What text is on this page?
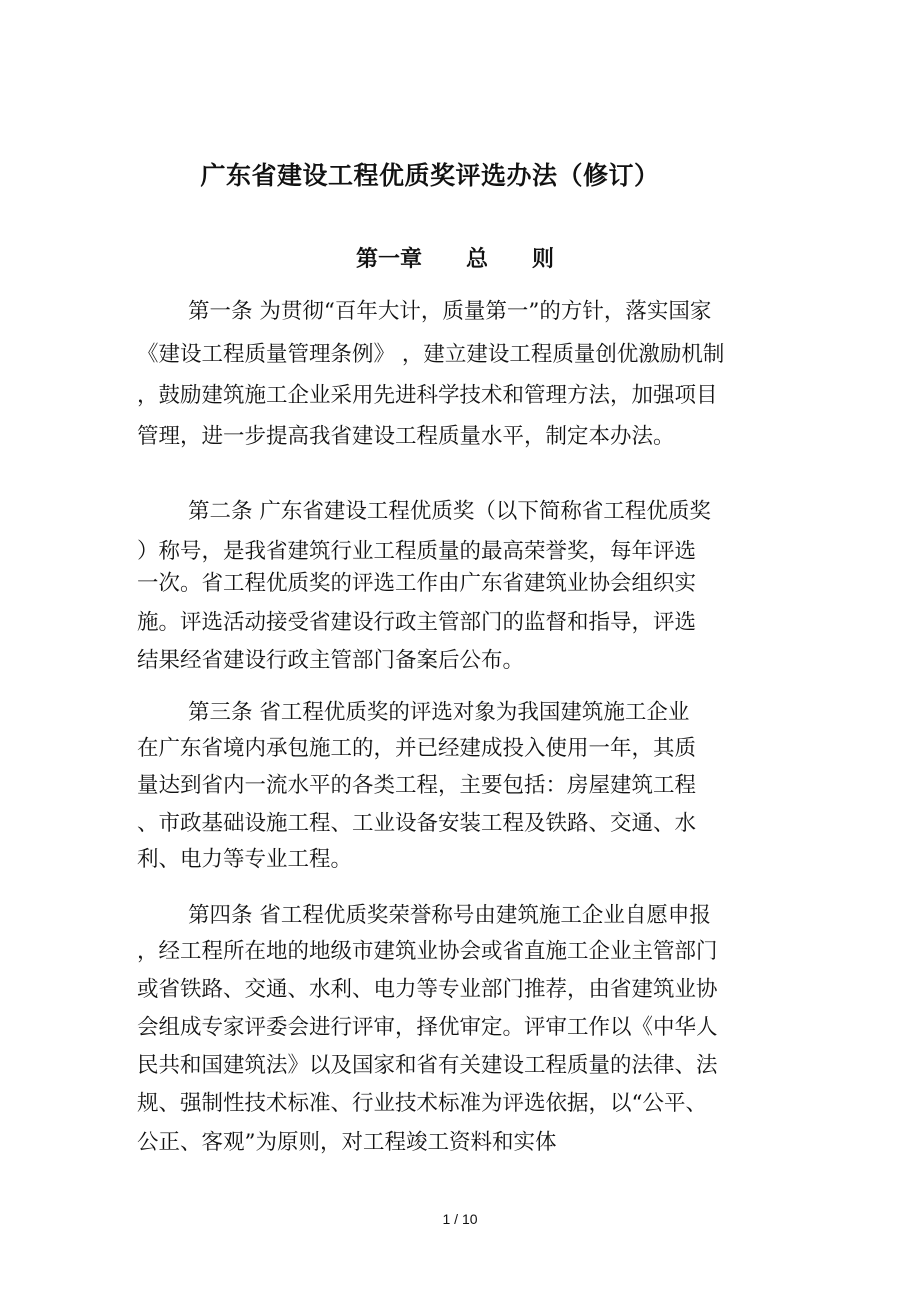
广东省建设工程优质奖评选办法（修订）
第一章　　总　　则

第一条 为贯彻“百年大计，质量第一”的方针，落实国家

《建设工程质量管理条例》 ，建立建设工程质量创优激励机制

，鼓励建筑施工企业采用先进科学技术和管理方法，加强项目

管理，进一步提高我省建设工程质量水平，制定本办法。

第二条 广东省建设工程优质奖（以下简称省工程优质奖

）称号，是我省建筑行业工程质量的最高荣誉奖，每年评选

一次。省工程优质奖的评选工作由广东省建筑业协会组织实

施。评选活动接受省建设行政主管部门的监督和指导，评选

结果经省建设行政主管部门备案后公布。

第三条 省工程优质奖的评选对象为我国建筑施工企业

在广东省境内承包施工的，并已经建成投入使用一年，其质

量达到省内一流水平的各类工程，主要包括：房屋建筑工程

、市政基础设施工程、工业设备安装工程及铁路、交通、水

利、电力等专业工程。

第四条 省工程优质奖荣誉称号由建筑施工企业自愿申报

，经工程所在地的地级市建筑业协会或省直施工企业主管部门

或省铁路、交通、水利、电力等专业部门推荐，由省建筑业协

会组成专家评委会进行评审，择优审定。评审工作以《中华人

民共和国建筑法》以及国家和省有关建设工程质量的法律、法

规、强制性技术标准、行业技术标准为评选依据，以“公平、

公正、客观”为原则，对工程竣工资料和实体

1 / 10
